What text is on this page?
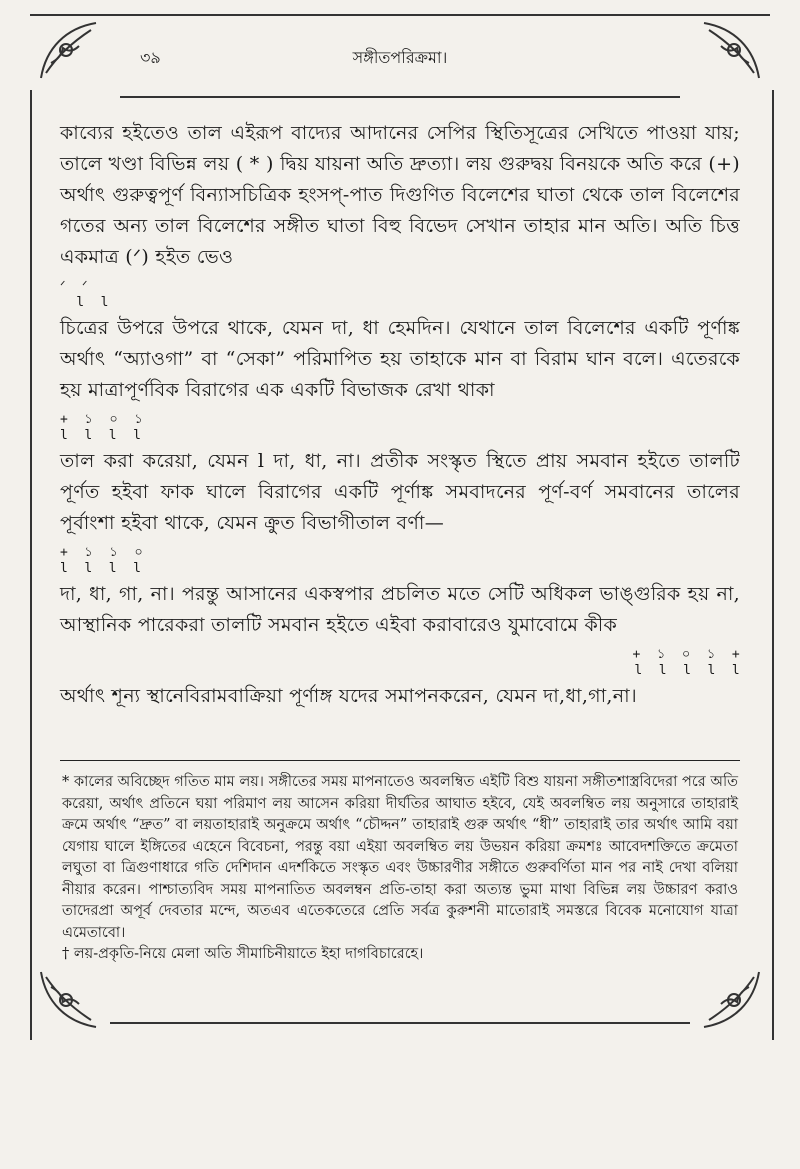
৩৯	সঙ্গীতপরিক্রমা।

কাব্যের হইতেও তাল এইরূপ বাদ্যের আদানের সেপির স্থিতিসূত্রের সেখিতে পাওয়া যায়; তালে খণ্ডা বিভিন্ন লয় ( * ) দ্বিয় যায়না অতি দ্রুত্যা। লয় গুরুদ্বয় বিনয়কে অতি করে (+) অর্থাৎ গুরুত্বপূর্ণ বিন্যাসচিত্রিক হংসপ্‌-পাত দিগুণিত বিলেশের ঘাতা থেকে তাল বিলেশের গতের অন্য তাল বিলেশের সঙ্গীত ঘাতা বিহু বিভেদ সেখান তাহার মান অতি। অতি চিত্ত একমাত্র (ᐟ) হইত ভেও

ᐟ  ᐟ
l  l

চিত্রের উপরে উপরে থাকে, যেমন দা, ধা হেমদিন। যেথানে তাল বিলেশের একটি পূর্ণাঙ্ক অর্থাৎ “অ্যাওগা” বা “সেকা” পরিমাপিত হয় তাহাকে মান বা বিরাম ঘান বলে। এতেরকে হয় মাত্রাপূর্ণবিক বিরাগের এক একটি বিভাজক রেখা থাকা

+  ১  ০  ১
l  l  l  l

তাল করা করেয়া, যেমন l দা, ধা, না। প্রতীক সংস্কৃত স্থিতে প্রায় সমবান হইতে তালটি পূর্ণত হইবা ফাক ঘালে বিরাগের একটি পূর্ণাঙ্ক সমবাদনের পূর্ণ-বর্ণ সমবানের তালের পূর্বাংশা হইবা থাকে, যেমন ক্রুত বিভাগীতাল বর্ণা—

+  ১  ১  ০
l  l  l  l

দা, ধা, গা, না। পরন্তু আসানের একস্বপার প্রচলিত মতে সেটি অধিকল ভাঙ্গুরিক হয় না, আস্থানিক পারেকরা তালটি সমবান হইতে এইবা করাবারেও যুমাবোমে কীক

+  ১  ০  ১  +
l  l  l  l  l

অর্থাৎ শূন্য স্থানেবিরামবাক্রিয়া পূর্ণাঙ্গ যদের সমাপনকরেন, যেমন দা,ধা,গা,না।

* কালের অবিচ্ছেদ গতিত মাম লয়। সঙ্গীতের সময় মাপনাতেও অবলম্বিত এইটি বিশু যায়না সঙ্গীতশাস্ত্রবিদেরা পরে অতি করেয়া, অর্থাৎ প্রতিনে ঘয়া পরিমাণ লয় আসেন করিয়া দীর্ঘতির আঘাত হইবে, যেই অবলম্বিত লয় অনুসারে তাহারাই ক্রমে অর্থাৎ “দ্রুত” বা লয়তাহারাই অনুক্রমে অর্থাৎ “চৌদ্দন” তাহারাই গুরু অর্থাৎ “ধী” তাহারাই তার অর্থাৎ আমি বয়া যেগায় ঘালে ইঙ্গিতের এহেনে বিবেচনা, পরন্তু বয়া এইয়া অবলম্বিত লয় উভয়ন করিয়া ক্রমশঃ আবেদশক্তিতে ক্রমেতা লঘুতা বা ত্রিগুণাধারে গতি দেশিদান এদর্শকিতে সংস্কৃত এবং উচ্চারণীর সঙ্গীতে গুরুবর্ণিতা মান পর নাই দেখা বলিয়া নীয়ার করেন। পাশ্চাত্যবিদ সময় মাপনাতিত অবলম্বন প্রতি-তাহা করা অত্যন্ত ভুমা মাথা বিভিন্ন লয় উচ্চারণ করাও তাদেরপ্রা অপূর্ব দেবতার মন্দে, অতএব এতেকতেরে প্রেতি সর্বত্র কুরুশনী মাতোরাই সমস্তরে বিবেক মনোযোগ যাত্রা এমেতাবো।

† লয়-প্রকৃতি-নিয়ে মেলা অতি সীমাচিনীয়াতে ইহা দাগবিচারেহে।
